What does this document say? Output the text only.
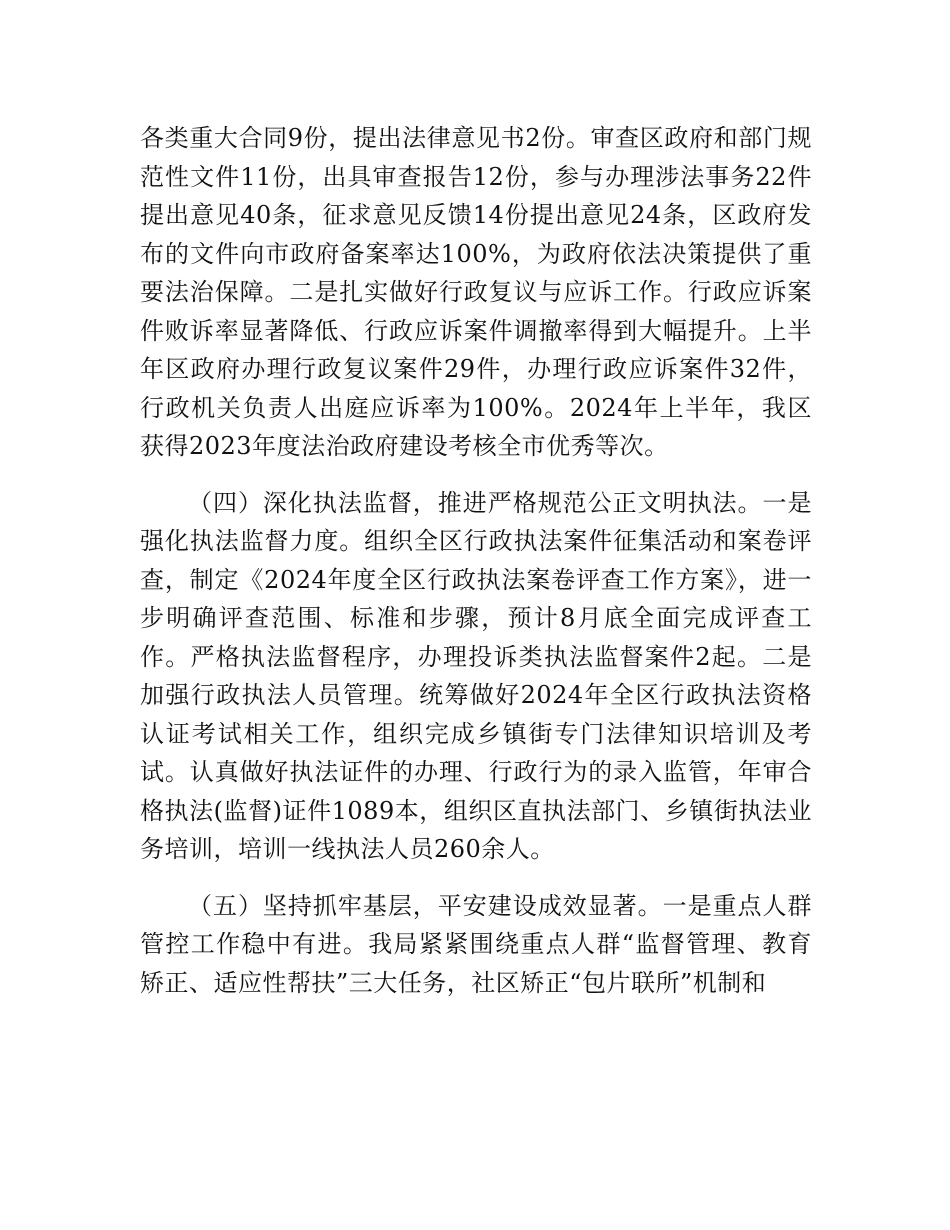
各类重大合同9份，提出法律意见书2份。审查区政府和部门规范性文件11份，出具审查报告12份，参与办理涉法事务22件提出意见40条，征求意见反馈14份提出意见24条，区政府发布的文件向市政府备案率达100%，为政府依法决策提供了重要法治保障。二是扎实做好行政复议与应诉工作。行政应诉案件败诉率显著降低、行政应诉案件调撤率得到大幅提升。上半年区政府办理行政复议案件29件，办理行政应诉案件32件，行政机关负责人出庭应诉率为100%。2024年上半年，我区获得2023年度法治政府建设考核全市优秀等次。

（四）深化执法监督，推进严格规范公正文明执法。一是强化执法监督力度。组织全区行政执法案件征集活动和案卷评查，制定《2024年度全区行政执法案卷评查工作方案》，进一步明确评查范围、标准和步骤，预计8月底全面完成评查工作。严格执法监督程序，办理投诉类执法监督案件2起。二是加强行政执法人员管理。统筹做好2024年全区行政执法资格认证考试相关工作，组织完成乡镇街专门法律知识培训及考试。认真做好执法证件的办理、行政行为的录入监管，年审合格执法(监督)证件1089本，组织区直执法部门、乡镇街执法业务培训，培训一线执法人员260余人。

（五）坚持抓牢基层，平安建设成效显著。一是重点人群管控工作稳中有进。我局紧紧围绕重点人群“监督管理、教育矫正、适应性帮扶”三大任务，社区矫正“包片联所”机制和
